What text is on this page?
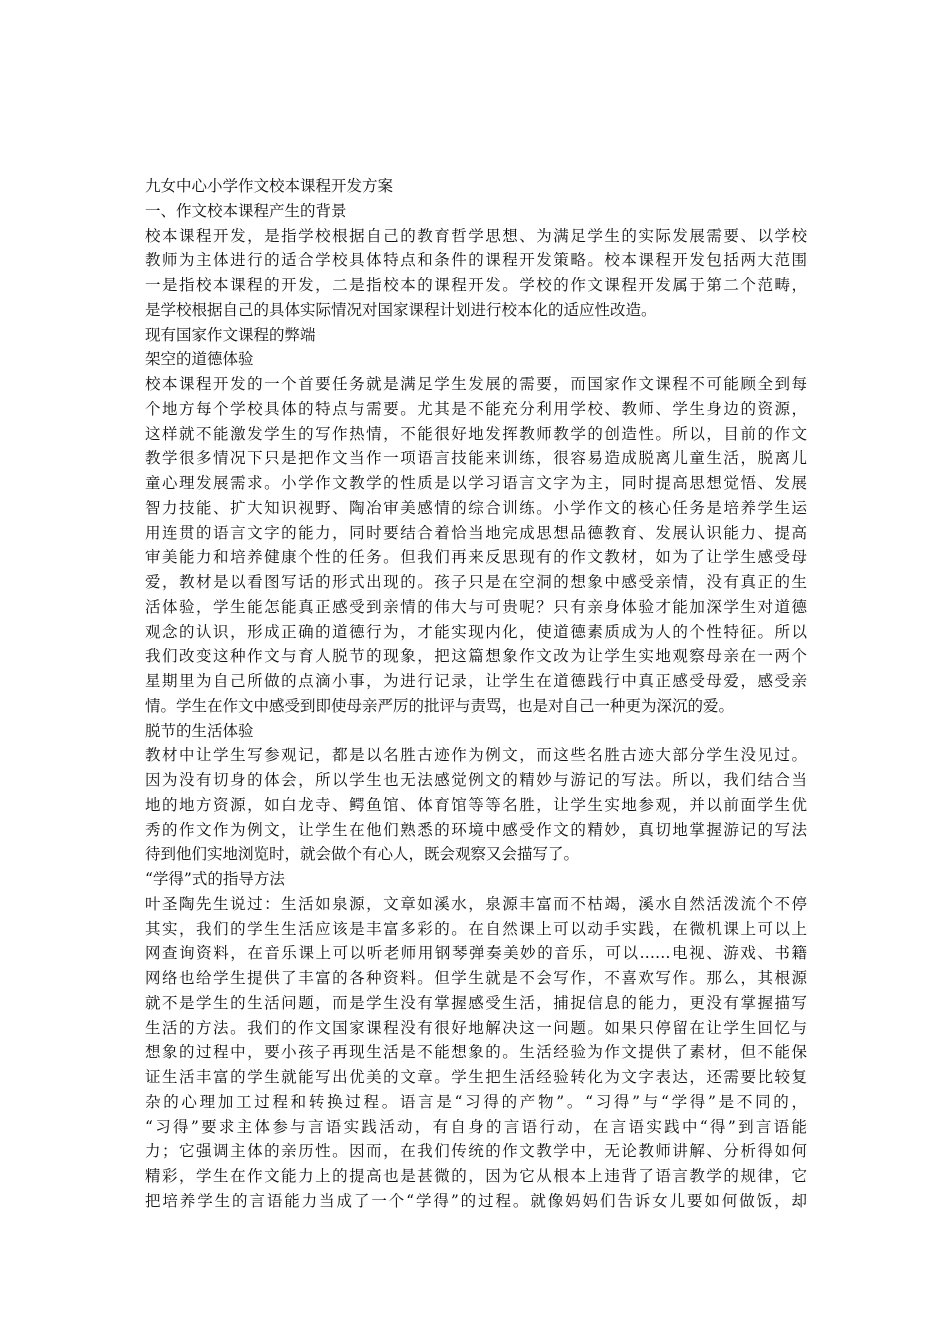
九女中心小学作文校本课程开发方案
一、作文校本课程产生的背景
校本课程开发，是指学校根据自己的教育哲学思想、为满足学生的实际发展需要、以学校
教师为主体进行的适合学校具体特点和条件的课程开发策略。校本课程开发包括两大范围
一是指校本课程的开发，二是指校本的课程开发。学校的作文课程开发属于第二个范畴，
是学校根据自己的具体实际情况对国家课程计划进行校本化的适应性改造。
现有国家作文课程的弊端
架空的道德体验
校本课程开发的一个首要任务就是满足学生发展的需要，而国家作文课程不可能顾全到每
个地方每个学校具体的特点与需要。尤其是不能充分利用学校、教师、学生身边的资源，
这样就不能激发学生的写作热情，不能很好地发挥教师教学的创造性。所以，目前的作文
教学很多情况下只是把作文当作一项语言技能来训练，很容易造成脱离儿童生活，脱离儿
童心理发展需求。小学作文教学的性质是以学习语言文字为主，同时提高思想觉悟、发展
智力技能、扩大知识视野、陶冶审美感情的综合训练。小学作文的核心任务是培养学生运
用连贯的语言文字的能力，同时要结合着恰当地完成思想品德教育、发展认识能力、提高
审美能力和培养健康个性的任务。但我们再来反思现有的作文教材，如为了让学生感受母
爱，教材是以看图写话的形式出现的。孩子只是在空洞的想象中感受亲情，没有真正的生
活体验，学生能怎能真正感受到亲情的伟大与可贵呢？只有亲身体验才能加深学生对道德
观念的认识，形成正确的道德行为，才能实现内化，使道德素质成为人的个性特征。所以
我们改变这种作文与育人脱节的现象，把这篇想象作文改为让学生实地观察母亲在一两个
星期里为自己所做的点滴小事，为进行记录，让学生在道德践行中真正感受母爱，感受亲
情。学生在作文中感受到即使母亲严厉的批评与责骂，也是对自己一种更为深沉的爱。
脱节的生活体验
教材中让学生写参观记，都是以名胜古迹作为例文，而这些名胜古迹大部分学生没见过。
因为没有切身的体会，所以学生也无法感觉例文的精妙与游记的写法。所以，我们结合当
地的地方资源，如白龙寺、鳄鱼馆、体育馆等等名胜，让学生实地参观，并以前面学生优
秀的作文作为例文，让学生在他们熟悉的环境中感受作文的精妙，真切地掌握游记的写法
待到他们实地浏览时，就会做个有心人，既会观察又会描写了。
“学得”式的指导方法
叶圣陶先生说过：生活如泉源，文章如溪水，泉源丰富而不枯竭，溪水自然活泼流个不停
其实，我们的学生生活应该是丰富多彩的。在自然课上可以动手实践，在微机课上可以上
网查询资料，在音乐课上可以听老师用钢琴弹奏美妙的音乐，可以……电视、游戏、书籍
网络也给学生提供了丰富的各种资料。但学生就是不会写作，不喜欢写作。那么，其根源
就不是学生的生活问题，而是学生没有掌握感受生活，捕捉信息的能力，更没有掌握描写
生活的方法。我们的作文国家课程没有很好地解决这一问题。如果只停留在让学生回忆与
想象的过程中，要小孩子再现生活是不能想象的。生活经验为作文提供了素材，但不能保
证生活丰富的学生就能写出优美的文章。学生把生活经验转化为文字表达，还需要比较复
杂的心理加工过程和转换过程。语言是“习得的产物”。“习得”与“学得”是不同的，
“习得”要求主体参与言语实践活动，有自身的言语行动，在言语实践中“得”到言语能
力；它强调主体的亲历性。因而，在我们传统的作文教学中，无论教师讲解、分析得如何
精彩，学生在作文能力上的提高也是甚微的，因为它从根本上违背了语言教学的规律，它
把培养学生的言语能力当成了一个“学得”的过程。就像妈妈们告诉女儿要如何做饭，却
